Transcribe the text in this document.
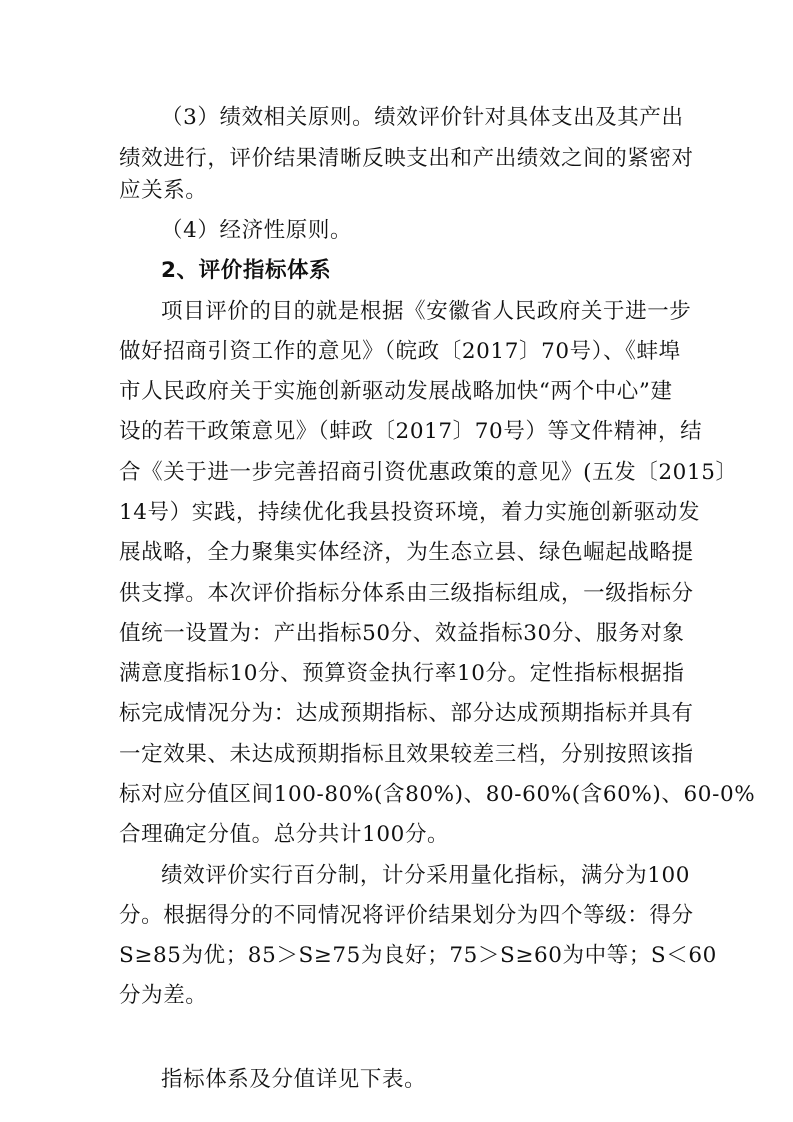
（3）绩效相关原则。绩效评价针对具体支出及其产出
绩效进行，评价结果清晰反映支出和产出绩效之间的紧密对
应关系。
（4）经济性原则。
2、评价指标体系
项目评价的目的就是根据《安徽省人民政府关于进一步
做好招商引资工作的意见》（皖政〔2017〕70号）、《蚌埠
市人民政府关于实施创新驱动发展战略加快“两个中心”建
设的若干政策意见》（蚌政〔2017〕70号）等文件精神，结
合《关于进一步完善招商引资优惠政策的意见》(五发〔2015〕
14号）实践，持续优化我县投资环境，着力实施创新驱动发
展战略，全力聚集实体经济，为生态立县、绿色崛起战略提
供支撑。本次评价指标分体系由三级指标组成，一级指标分
值统一设置为：产出指标50分、效益指标30分、服务对象
满意度指标10分、预算资金执行率10分。定性指标根据指
标完成情况分为：达成预期指标、部分达成预期指标并具有
一定效果、未达成预期指标且效果较差三档，分别按照该指
标对应分值区间100-80%(含80%)、80-60%(含60%)、60-0%
合理确定分值。总分共计100分。
绩效评价实行百分制，计分采用量化指标，满分为100
分。根据得分的不同情况将评价结果划分为四个等级：得分
S≥85为优；85＞S≥75为良好；75＞S≥60为中等；S＜60
分为差。
指标体系及分值详见下表。
